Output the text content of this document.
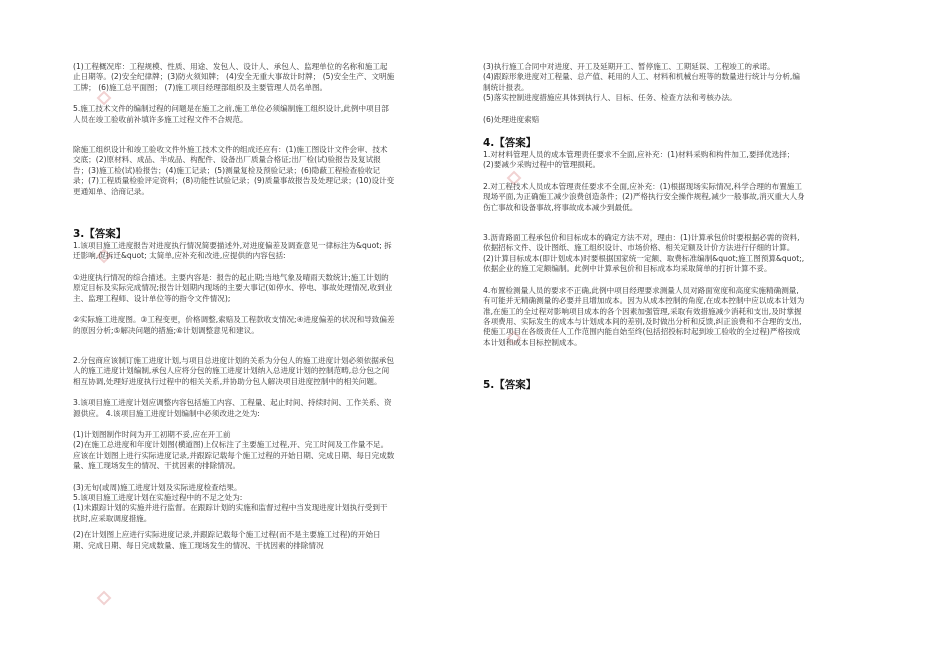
(1)工程概况库：工程规模、性质、用途、发包人、设计人、承包人、监理单位的名称和施工起止日期等。(2)安全纪律牌；(3)防火须知牌； (4)安全无重大事故计时牌； (5)安全生产、文明施工牌； (6)施工总平面图； (7)施工项目经理部组织及主要管理人员名单图。

5.施工技术文件的编制过程的问题是在施工之前,施工单位必须编制施工组织设计,此例中项目部人员在竣工验收前补填许多施工过程文件不合规范。

除施工组织设计和竣工验收文件外施工技术文件的组成还应有：(1)施工图设计文件会审、技术交底；(2)原材料、成品、半成品、构配件、设备出厂质量合格证;出厂检(试)验报告及复试报告；(3)施工检(试)验报告；(4)施工记录；(5)测量复检及预验记录；(6)隐蔽工程检查验收记录；(7)工程质量检验评定资料；(8)功能性试验记录；(9)质量事故报告及处理记录；(10)设计变更通知单、洽商记录。

3.【答案】

1.该项目施工进度报告对进度执行情况简要描述外,对进度偏差及调查意见一律标注为&quot; 拆迁影响,促拆迁&quot; 太简单,应补充和改进,应提供的内容包括:

①进度执行情况的综合描述。主要内容是：报告的起止期;当地气象及晴雨天数统计;施工计划的原定目标及实际完成情况;报告计划期内现场的主要大事记(如停水、停电、事故处理情况,收到业主、监理工程师、设计单位等的指令文件情况);

②实际施工进度图。③工程变更，价格调整,索赔及工程款收支情况;④进度偏差的状况和导致偏差的原因分析;⑤解决问题的措施;⑥计划调整意见和建议。

2.分包商应该制订施工进度计划,与项目总进度计划的关系为分包人的施工进度计划必须依据承包人的施工进度计划编制,承包人应将分包的施工进度计划纳入总进度计划的控制范畴,总分包之间相互协调,处理好进度执行过程中的相关关系,并协助分包人解决项目进度控制中的相关问题。

3.该项目施工进度计划应调整内容包括施工内容、工程量、起止时间、持续时间、工作关系、资源供应。 4.该项目施工进度计划编制中必须改进之处为:

(1)计划图制作时间为开工初期不妥,应在开工前

(2)在施工总进度和年度计划图(横道图)上仅标注了主要施工过程,开、完工时间及工作量不足。应该在计划图上进行实际进度记录,并跟踪记载每个施工过程的开始日期、完成日期、每日完成数量、施工现场发生的情况、干扰因素的排除情况。

(3)无旬(或周)施工进度计划及实际进度检查结果。

5.该项目施工进度计划在实施过程中的不足之处为:

(1)未跟踪计划的实施并进行监督。在跟踪计划的实施和监督过程中当发现进度计划执行受到干扰时,应采取调度措施。

(2)在计划图上应进行实际进度记录,并跟踪记载每个施工过程(而不是主要施工过程)的开始日期、完成日期、每日完成数量、施工现场发生的情况、干扰因素的排除情况

(3)执行施工合同中对进度、开工及延期开工、暂停施工、工期延误、工程竣工的承诺。

(4)跟踪形象进度对工程量、总产值、耗用的人工、材料和机械台班等的数量进行统计与分析,编制统计报表。

(5)落实控制进度措施应具体到执行人、目标、任务、检查方法和考核办法。

(6)处理进度索赔

4.【答案】

1.对材料管理人员的成本管理责任要求不全面,应补充：(1)材料采购和构件加工,要择优选择；(2)要减少采购过程中的管理损耗。

2.对工程技术人员成本管理责任要求不全面,应补充：(1)根据现场实际情况,科学合理的布置施工现场平面,为正确施工减少浪费创造条件；(2)严格执行安全操作规程,减少一般事故,消灭重大人身伤亡事故和设备事故,将事故成本减少到最低。

3.沥青路面工程承包价和目标成本的确定方法不对，理由：(1)计算承包价时要根据必需的资料,依据招标文件、设计图纸、施工组织设计、市场价格、相关定额及计价方法进行仔细的计算。(2)计算目标成本(即计划成本)时要根据国家统一定额、取费标准编制&quot;施工图预算&quot;,依据企业的施工定额编制。此例中计算承包价和目标成本均采取简单的打折计算不妥。

4.布置检测量人员的要求不正确,此例中项目经理要求测量人员对路面宽度和高度实施精确测量,有可能并无精确测量的必要并且增加成本。因为从成本控制的角度,在成本控制中应以成本计划为准,在施工的全过程对影响项目成本的各个因素加强管理,采取有效措施减少消耗和支出,及时掌握各项费用、实际发生的成本与计划成本间的差别,及时做出分析和反馈,纠正浪费和不合理的支出,使施工项目在各级责任人工作范围内能自始至终(包括招投标时起到竣工验收的全过程)严格按成本计划和成本目标控制成本。

5.【答案】
